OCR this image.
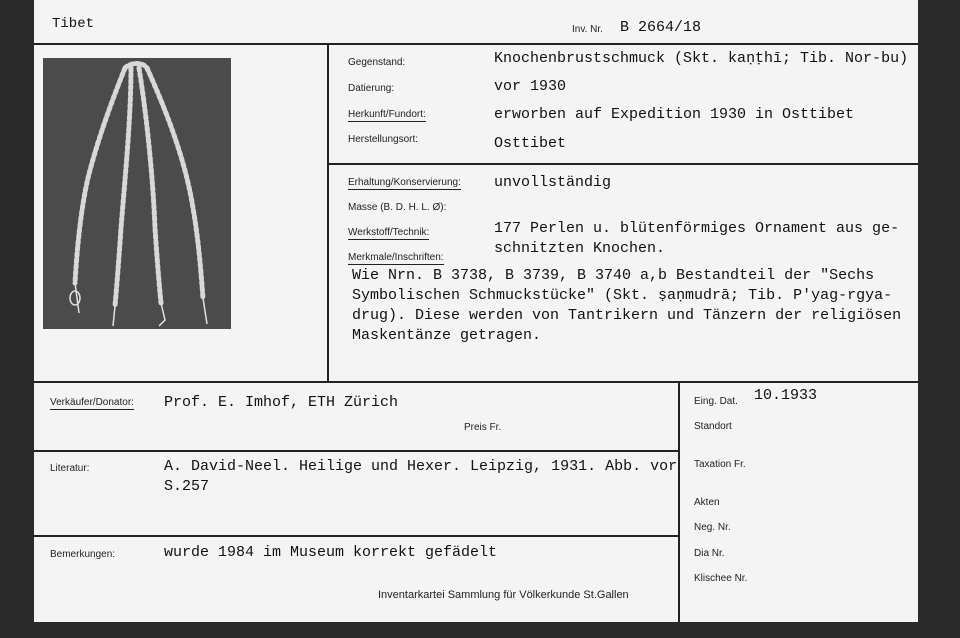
Tibet	Inv. Nr. B 2664/18
Gegenstand:	Knochenbrustschmuck (Skt. kaṇṭhī; Tib. Nor-bu)
Datierung:	vor 1930
Herkunft/Fundort:	erworben auf Expedition 1930 in Osttibet
Herstellungsort:	Osttibet
Erhaltung/Konservierung: unvollständig
Masse (B. D. H. L. Ø):
Werkstoff/Technik:	177 Perlen u. blütenförmiges Ornament aus ge-
schnitzten Knochen.
Merkmale/Inschriften:
Wie Nrn. B 3738, B 3739, B 3740 a,b Bestandteil der "Sechs
Symbolischen Schmuckstücke" (Skt. ṣaṇmudrā; Tib. P'yag-rgya-
drug). Diese werden von Tantrikern und Tänzern der religiösen
Maskentänze getragen.
Verkäufer/Donator: Prof. E. Imhof, ETH Zürich
Preis Fr.
Literatur:	A. David-Neel. Heilige und Hexer. Leipzig, 1931. Abb. vor
S.257
Bemerkungen:	wurde 1984 im Museum korrekt gefädelt
Inventarkartei Sammlung für Völkerkunde St.Gallen
Eing. Dat. 10.1933
Standort
Taxation Fr.
Akten
Neg. Nr.
Dia Nr.
Klischee Nr.
